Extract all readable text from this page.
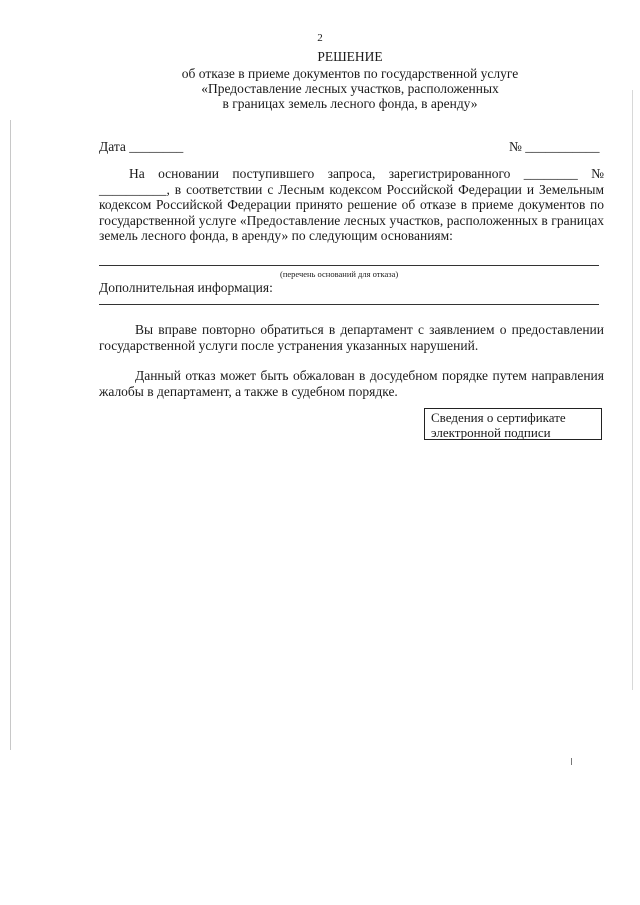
2
РЕШЕНИЕ
об отказе в приеме документов по государственной услуге
«Предоставление лесных участков, расположенных
в границах земель лесного фонда, в аренду»
Дата ________	№ ___________

На основании поступившего запроса, зарегистрированного ________ № __________, в соответствии с Лесным кодексом Российской Федерации и Земельным кодексом Российской Федерации принято решение об отказе в приеме документов по государственной услуге «Предоставление лесных участков, расположенных в границах земель лесного фонда, в аренду» по следующим основаниям:

(перечень оснований для отказа)
Дополнительная информация:

Вы вправе повторно обратиться в департамент с заявлением о предоставлении государственной услуги после устранения указанных нарушений.

Данный отказ может быть обжалован в досудебном порядке путем направления жалобы в департамент, а также в судебном порядке.

Сведения о сертификате электронной подписи
